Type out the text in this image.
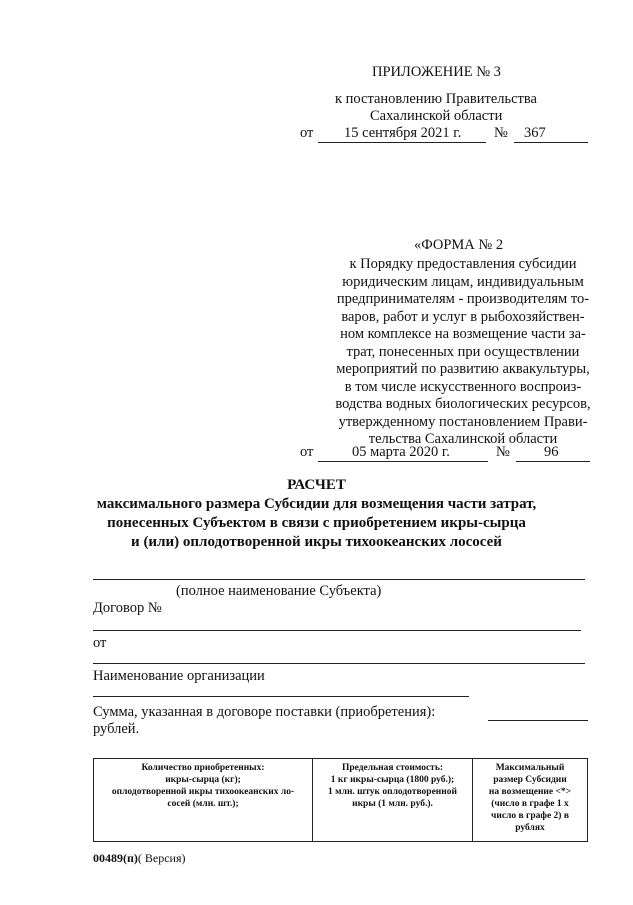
ПРИЛОЖЕНИЕ № 3
к постановлению Правительства
Сахалинской области
от 15 сентября 2021 г. № 367
«ФОРМА № 2
к Порядку предоставления субсидии
юридическим лицам, индивидуальным
предпринимателям - производителям то-
варов, работ и услуг в рыбохозяйствен-
ном комплексе на возмещение части за-
трат, понесенных при осуществлении
мероприятий по развитию аквакультуры,
в том числе искусственного воспроиз-
водства водных биологических ресурсов,
утвержденному постановлением Прави-
тельства Сахалинской области
от	05 марта 2020 г.	№ 96
РАСЧЕТ
максимального размера Субсидии для возмещения части затрат,
понесенных Субъектом в связи с приобретением икры-сырца
и (или) оплодотворенной икры тихоокеанских лососей
(полное наименование Субъекта)
Договор №
от
Наименование организации
Сумма, указанная в договоре поставки (приобретения):
рублей.
Количество приобретенных:
икры-сырца (кг);
оплодотворенной икры тихоокеанских ло-
сосей (млн. шт.);

Предельная стоимость:
1 кг икры-сырца (1800 руб.);
1 млн. штук оплодотворенной
икры (1 млн. руб.).

Максимальный
размер Субсидии
на возмещение <*>
(число в графе 1 х
число в графе 2) в
рублях
00489(п)( Версия)
